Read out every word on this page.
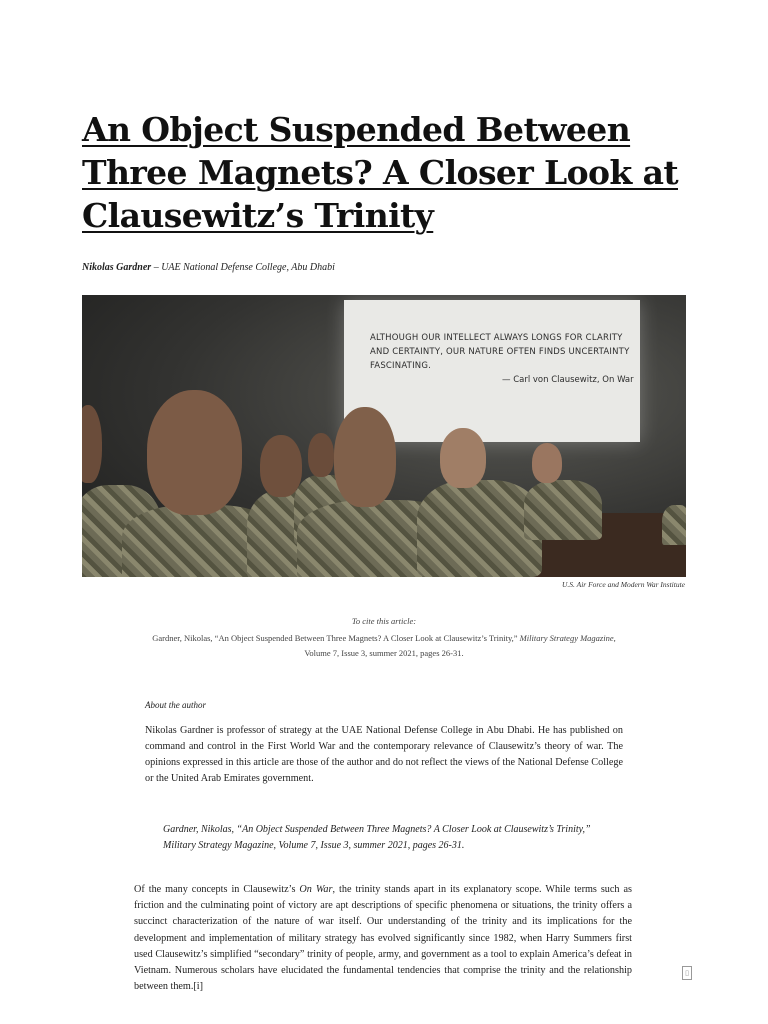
An Object Suspended Between Three Magnets? A Closer Look at Clausewitz’s Trinity
Nikolas Gardner – UAE National Defense College, Abu Dhabi
ALTHOUGH OUR INTELLECT ALWAYS LONGS FOR CLARITY AND CERTAINTY, OUR NATURE OFTEN FINDS UNCERTAINTY FASCINATING.
— Carl von Clausewitz, On War
U.S. Air Force and Modern War Institute
To cite this article:
Gardner, Nikolas, “An Object Suspended Between Three Magnets? A Closer Look at Clausewitz’s Trinity,” Military Strategy Magazine, Volume 7, Issue 3, summer 2021, pages 26-31.
About the author

Nikolas Gardner is professor of strategy at the UAE National Defense College in Abu Dhabi. He has published on command and control in the First World War and the contemporary relevance of Clausewitz’s theory of war. The opinions expressed in this article are those of the author and do not reflect the views of the National Defense College or the United Arab Emirates government.

Gardner, Nikolas, “An Object Suspended Between Three Magnets? A Closer Look at Clausewitz’s Trinity,” Military Strategy Magazine, Volume 7, Issue 3, summer 2021, pages 26-31.

Of the many concepts in Clausewitz’s On War, the trinity stands apart in its explanatory scope. While terms such as friction and the culminating point of victory are apt descriptions of specific phenomena or situations, the trinity offers a succinct characterization of the nature of war itself. Our understanding of the trinity and its implications for the development and implementation of military strategy has evolved significantly since 1982, when Harry Summers first used Clausewitz’s simplified “secondary” trinity of people, army, and government as a tool to explain America’s defeat in Vietnam. Numerous scholars have elucidated the fundamental tendencies that comprise the trinity and the relationship between them.[i]

▯
